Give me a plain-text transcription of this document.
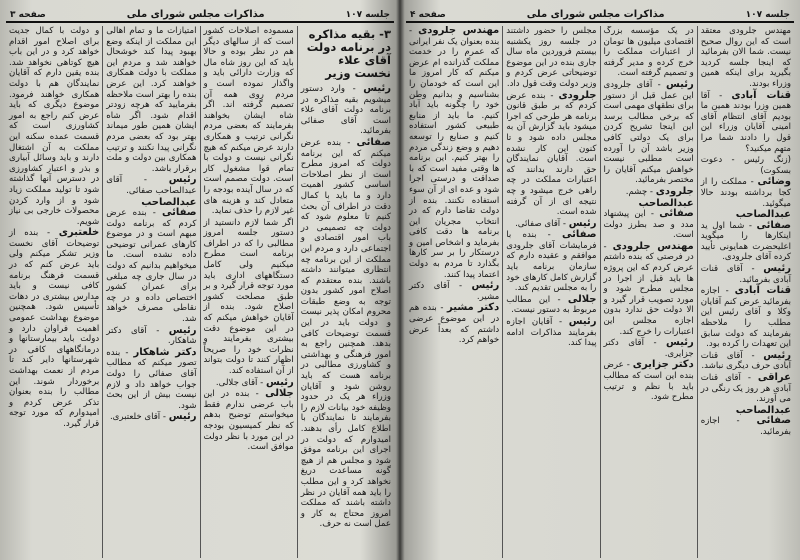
جلسه ۱۰۷
مذاکرات مجلس شورای ملی
صفحه ۳
۳- بقیه مذاکره در برنامه دولت آقای علاء نخست وزیر
رئیس - وارد دستور میشویم بقیه مذاکره در برنامه دولت آقای علاء است آقای صفائی بفرمائید.
صفائی - بنده عرض میکنم که این برنامه دولت که امروز مطرح است از نظر اصلاحات اساسی کشور اهمیت دارد و ما باید با کمال دقت در اطراف آن بحث کنیم تا معلوم شود که دولت چه تصمیمی در باب امور اقتصادی و اجتماعی دارد و مردم این مملکت از این برنامه چه انتظاری میتوانند داشته باشند. بنده معتقدم که اصلاح امور کشور بدون توجه به وضع طبقات محروم امکان پذیر نیست و دولت باید در این قسمت توضیحات کافی بدهد. همچنین راجع به امور فرهنگی و بهداشتی و کشاورزی مطالبی در برنامه هست که باید روشن شود و آقایان وزراء هر یک در حدود وظیفه خود بیانات لازم را بفرمایند تا نمایندگان با اطلاع کامل رأی بدهند. امیدوارم که دولت در اجرای این برنامه موفق شود و مجلس هم از هیچ گونه مساعدت دریغ نخواهد کرد و این مطلب را باید همه آقایان در نظر داشته باشند که مملکت امروز محتاج به کار و عمل است نه حرف.
مسموده اصلاحات کشور است که از سالهای دیگر هم در نظر بوده و حالا باید که این روز شاه مال که وزارت دارائی باید و واگذار نموده است و مردم روی همه آن تصمیم گرفته اند. اگر شاه ایشان بخواهند بفرمایند که بعضی مردم نگرانی ترتیب و همکاری دارند عرض میکنم که هیچ نگرانی نیست و دولت با تمام قوا مشغول کار است. دولت مصمم است که در سال آینده بودجه را متعادل کند و هزینه های غیر لازم را حذف نماید.
اگر شما لازم دانستید از دستور جلسه امروز مطالبی را که در اطراف برنامه است مطرح میکنیم ولی کامل دستگاههای اداری باید مورد توجه قرار گیرد و بر طبق مصلحت کشور اصلاح شود. بنده از آقایان خواهش میکنم که در این موضوع دقت بیشتری بفرمایند و نظرات خود را صریحاً اظهار کنند تا دولت بتواند از آن استفاده کند.
رئیس - آقای جلالی.
جلالی - بنده در این باب عرضی ندارم فقط میخواستم توضیح بدهم که نظر کمیسیون بودجه در این مورد با نظر دولت موافق است.
امتیازات ما و تمام اهالی این مملکت از اینکه وضع بهبود پیدا کند خوشحال خواهند شد و مردم این مملکت با دولت همکاری خواهند کرد. این عرض بنده را بهتر است ملاحظه بفرمایید که هرچه زودتر اقدام شود. اگر شاه ایشان همین طور میماند بهتر بود که بعضی مردم نگرانی پیدا نکنند و ترتیب همکاری بین دولت و ملت برقرار باشد.
رئیس - آقای عبدالصاحب صفائی.
عبدالصاحب صفائی - بنده عرض کردم که برنامه دولت مبهم است و در موضوع کارهای عمرانی توضیحی داده نشده است. ما میخواهیم بدانیم که دولت در سال جاری چه مبلغی برای عمران کشور اختصاص داده و در چه نقاطی مصرف خواهد شد.
رئیس - آقای دکتر شاهکار.
دکتر شاهکار - بنده تصور میکنم که مطالب آقای صفائی را دولت جواب خواهد داد و لازم نیست بیش از این بحث شود.
رئیس - آقای خلعتبری.
و دولت با کمال جدیت برای اصلاح امور اقدام خواهد کرد و در این باب هیچ کوتاهی نخواهد شد. بنده یقین دارم که آقایان نمایندگان هم با دولت همکاری خواهند فرمود. موضوع دیگری که باید عرض کنم راجع به امور کشاورزی است که قسمت عمده سکنه این مملکت به آن اشتغال دارند و باید وسائل آبیاری و بذر و اعتبار کشاورزی در دسترس آنها گذاشته شود تا تولید مملکت زیاد شود و از وارد کردن محصولات خارجی بی نیاز شویم.
خلعتبری - بنده از توضیحات آقای نخست وزیر تشکر میکنم ولی باید عرض کنم که در قسمت فرهنگ برنامه کافی نیست و باید مدارس بیشتری در دهات تأسیس شود. همچنین موضوع بهداشت عمومی اهمیت فراوان دارد و دولت باید بیمارستانها و درمانگاههای کافی در شهرستانها دایر کند تا مردم از نعمت بهداشت برخوردار شوند. این مطالب را بنده بعنوان تذکر عرض کردم و امیدوارم که مورد توجه قرار گیرد.
جلسه ۱۰۷
مذاکرات مجلس شورای ملی
صفحه ۴
مهندس جلرودی معتقد است که این روال صحیح نیست. شما الان بفرمائید که اینجا جلسه کردید بگیرید برای اینکه همین وزراء بودند.
قنات آبادی - آقا همین وزرا بودند همین ما بودیم آقای انتظام آقای امینی آقایان وزراء این قول را دادند شما مرا متهم میکنید؟
(زنگ رئیس - دعوت بسکوت)
وضائی - مملکت را از کجا برداشته بودند حالا میگوئید.
عبدالصاحب صفائی - شما اول ید اینکارها را میگوید اعلیحضرت همایونی تأیید کرده آقای جلرودی.
رئیس - آقای قنات آبادی بفرمائید.
قنات آبادی - اجازه بفرمائید عرض کنم آقایان وکلا و آقای رئیس این مطلب را ملاحظه بفرمایند که دولت سابق این تعهدات را کرده بود.
رئیس - آقای قنات آبادی حرف دیگری نباشد.
عراقی - آقای قنات آبادی هر روز یک رنگی در می آورند.
عبدالصاحب صفائی - اجازه بفرمائید.
در یک مؤسسه بزرگ اقتصادی میلیون ها تومان از اعتبارات مملکت را خرج کرده و مدیر گرفته و تصمیم گرفته است.
رئیس - آقای جلرودی این عمل قبل از دستور برای نطقهای مهمی است که برخی مطالب برسد این اینجا تشریح کردن برای یک دولتی کافی وزیر باشد آن را آورده است مطلبی نیست خواهش میکنم آقایان را مختصر بفرمائید.
جلرودی - چشم.
عبدالصاحب صفائی - این پیشنهاد مدد و صد بطرز دولت است.
مهندس جلرودی - در فرصتی که بنده داشتم عرض کردم که این پروژه ها باید قبل از اجرا در مجلس مطرح شود و مورد تصویب قرار گیرد و الا دولت حق ندارد بدون اجازه مجلس این اعتبارات را خرج کند.
رئیس - آقای دکتر جزایری.
دکتر جزایری - عرض بنده این است که مطالب باید با نظم و ترتیب مطرح شود.
مجلس را حضور داشتند در جلسه روز یکشنبه بیستم فروردین ماه سال جاری بنده در این موضوع توضیحاتی عرض کردم و وزیر دولت وقت قول داد.
جلرودی - بنده عرض کردم که بر طبق قانون برنامه هر طرحی که اجرا میشود باید گزارش آن به مجلس داده شود و تا کنون این کار نشده است. آقایان نمایندگان حق دارند بدانند که اعتبارات مملکت در چه راهی خرج میشود و چه نتیجه ای از آن گرفته شده است.
رئیس - آقای صفائی.
صفائی - بنده با فرمایشات آقای جلرودی موافقم و عقیده دارم که سازمان برنامه باید گزارش کامل کارهای خود را به مجلس تقدیم کند.
جلالی - این مطالب مربوط به دستور نیست.
رئیس - آقایان اجازه بفرمایند مذاکرات ادامه پیدا کند.
مهندس جلرودی - بنده بعنوان یک نفر ایرانی که عمرم را در خدمت مملکت گذرانده ام عرض میکنم که کار امروز ما این است که خودمان را بشناسیم و بدانیم وطن خود را چگونه باید آباد کنیم. ما باید از منابع طبیعی کشور استفاده کنیم و صنایع را توسعه دهیم و وضع زندگی مردم را بهتر کنیم. این برنامه ها وقتی مفید است که با صداقت و درستی اجرا شود و عده ای از آن سوء استفاده نکنند. بنده از دولت تقاضا دارم که در انتخاب مجریان این برنامه ها دقت کافی بفرماید و اشخاص امین و درستکار را بر سر کارها بگذارد تا مردم به دولت اعتماد پیدا کنند.
رئیس - آقای دکتر مشیر.
دکتر مشیر - بنده هم در این موضوع عرضی داشتم که بعداً عرض خواهم کرد.
